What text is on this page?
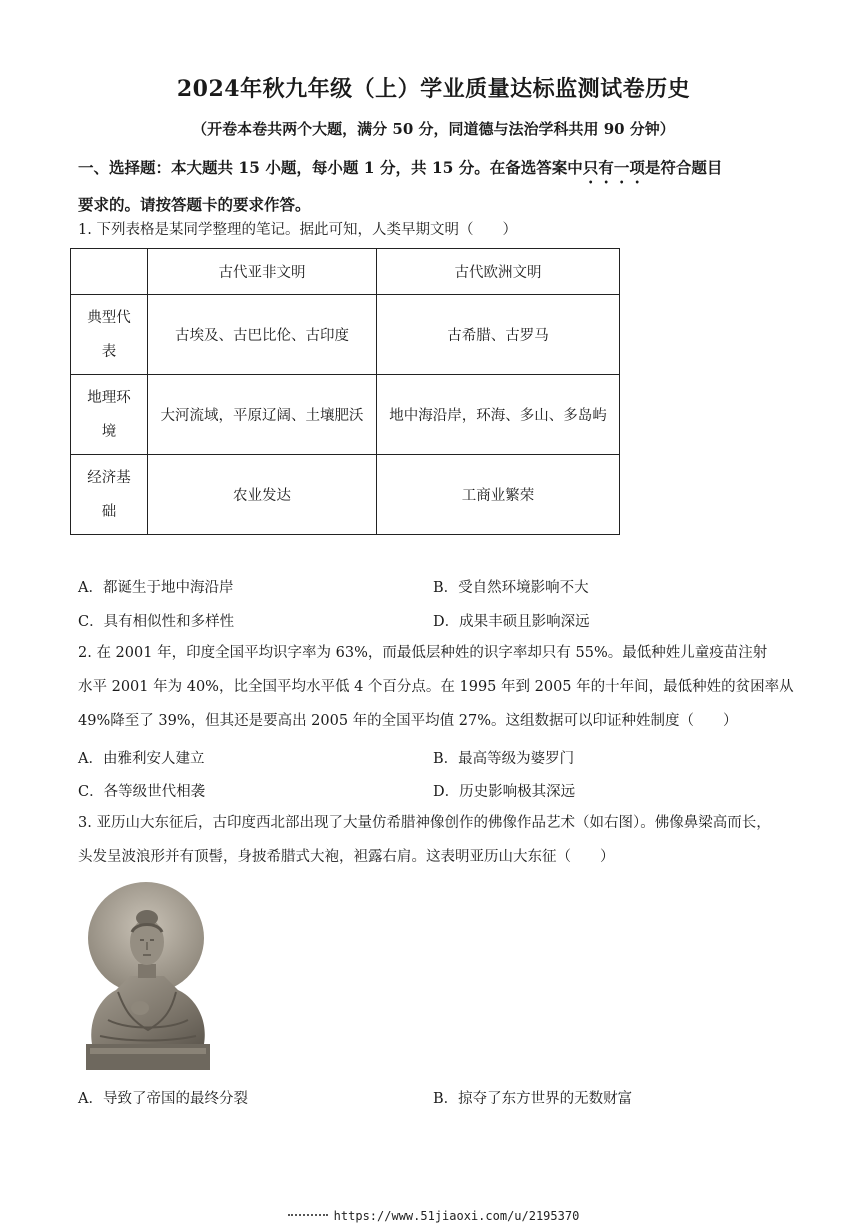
2024年秋九年级（上）学业质量达标监测试卷历史
（开卷本卷共两个大题，满分 50 分，同道德与法治学科共用 90 分钟）
一、选择题：本大题共 15 小题，每小题 1 分，共 15 分。在备选答案中只有一项是符合题目
要求的。请按答题卡的要求作答。
1. 下列表格是某同学整理的笔记。据此可知，人类早期文明（　　）
	古代亚非文明	古代欧洲文明
典型代
表	古埃及、古巴比伦、古印度	古希腊、古罗马
地理环
境	大河流域，平原辽阔、土壤肥沃	地中海沿岸，环海、多山、多岛屿
经济基
础	农业发达	工商业繁荣
A．都诞生于地中海沿岸	B．受自然环境影响不大
C．具有相似性和多样性	D．成果丰硕且影响深远
2. 在 2001 年，印度全国平均识字率为 63%，而最低层种姓的识字率却只有 55%。最低种姓儿童疫苗注射
水平 2001 年为 40%，比全国平均水平低 4 个百分点。在 1995 年到 2005 年的十年间，最低种姓的贫困率从
49%降至了 39%，但其还是要高出 2005 年的全国平均值 27%。这组数据可以印证种姓制度（　　）
A．由雅利安人建立	B．最高等级为婆罗门
C．各等级世代相袭	D．历史影响极其深远
3. 亚历山大东征后，古印度西北部出现了大量仿希腊神像创作的佛像作品艺术（如右图）。佛像鼻梁高而长，
头发呈波浪形并有顶髻，身披希腊式大袍，袒露右肩。这表明亚历山大东征（　　）
A．导致了帝国的最终分裂	B．掠夺了东方世界的无数财富
https://www.51jiaoxi.com/u/2195370
